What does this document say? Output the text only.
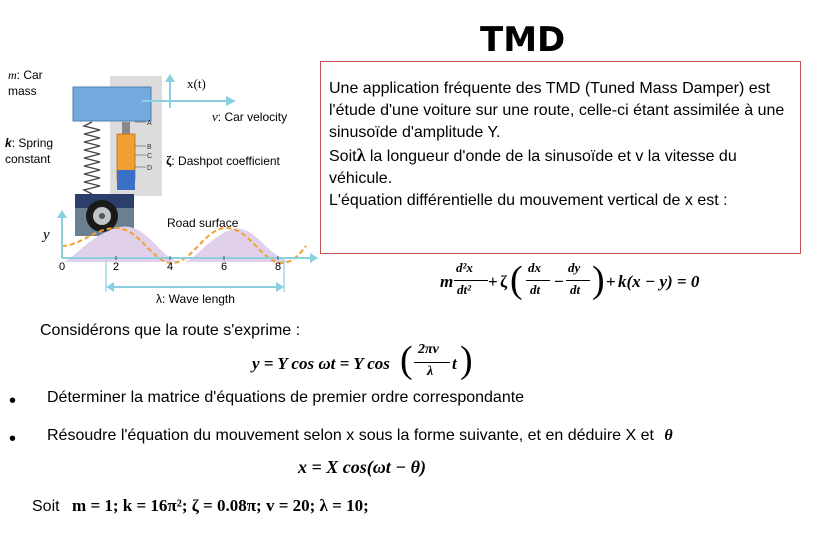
TMD

Une application fréquente des TMD (Tuned Mass Damper) est l'étude d'une voiture sur une route, celle-ci étant assimilée à une sinusoïde d'amplitude Y.

Soitλ la longueur d'onde de la sinusoïde et v la vitesse du véhicule.

L'équation différentielle du mouvement vertical de x est :

A
B
C
D
m: Car mass
k: Spring constant
x(t)
v: Car velocity
ζ: Dashpot coefficient
Road surface
y
0	2	4	6	8
λ: Wave length
m
d²x
dt² + ζ ( dx
dt −
dy
dt ) + k(x − y) = 0
Considérons que la route s'exprime :
y = Y cos ωt = Y cos ( 2πv
λ t )
• Déterminer la matrice d'équations de premier ordre correspondante
• Résoudre l'équation du mouvement selon x sous la forme suivante, et en déduire X et θ
x = X cos(ωt − θ)
Soit m = 1; k = 16π²; ζ = 0.08π; v = 20; λ = 10;
